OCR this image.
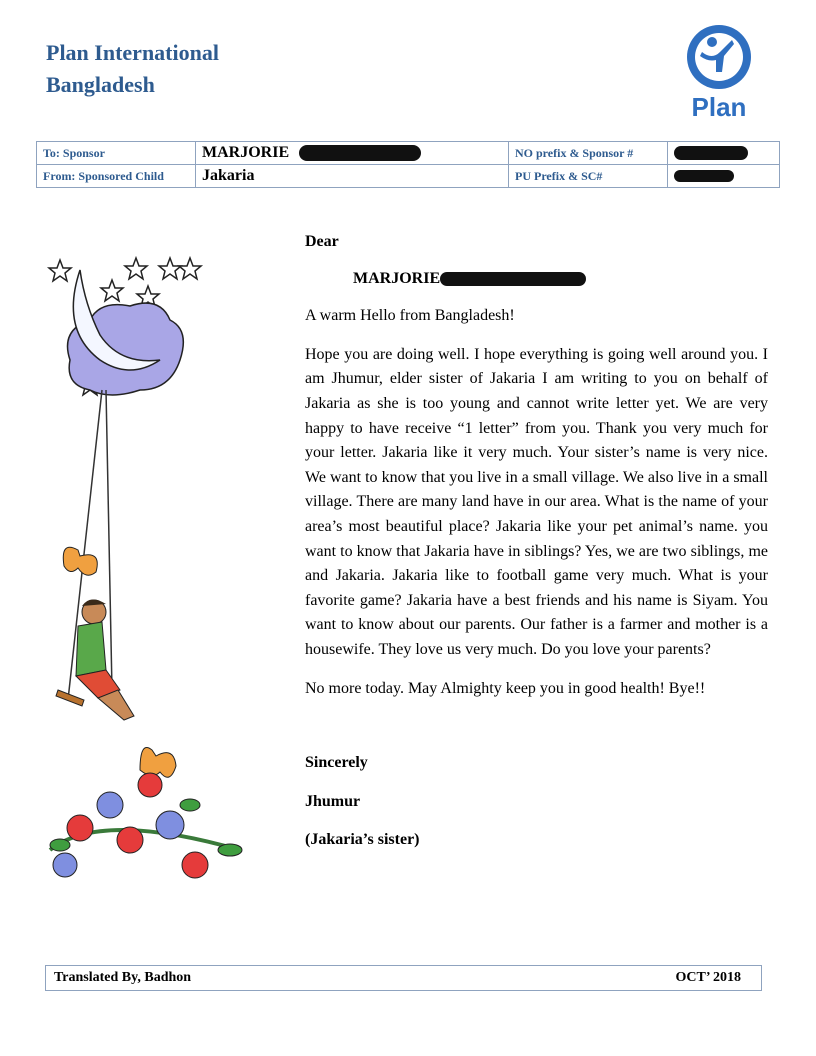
Plan International
Bangladesh
Plan
To: Sponsor	MARJORIE	NO prefix & Sponsor #	
From: Sponsored Child	Jakaria	PU Prefix & SC#	

Dear

MARJORIE

A warm Hello from Bangladesh!

Hope you are doing well. I hope everything is going well around you. I am Jhumur, elder sister of Jakaria I am writing to you on behalf of Jakaria as she is too young and cannot write letter yet. We are very happy to have receive “1 letter” from you. Thank you very much for your letter. Jakaria like it very much. Your sister’s name is very nice. We want to know that you live in a small village. We also live in a small village. There are many land have in our area. What is the name of your area’s most beautiful place? Jakaria like your pet animal’s name. you want to know that Jakaria have in siblings? Yes, we are two siblings, me and Jakaria. Jakaria like to football game very much. What is your favorite game? Jakaria have a best friends and his name is Siyam. You want to know about our parents. Our father is a farmer and mother is a housewife. They love us very much. Do you love your parents?

No more today. May Almighty keep you in good health! Bye!!

Sincerely

Jhumur

(Jakaria’s sister)

Translated By, Badhon	OCT’ 2018
